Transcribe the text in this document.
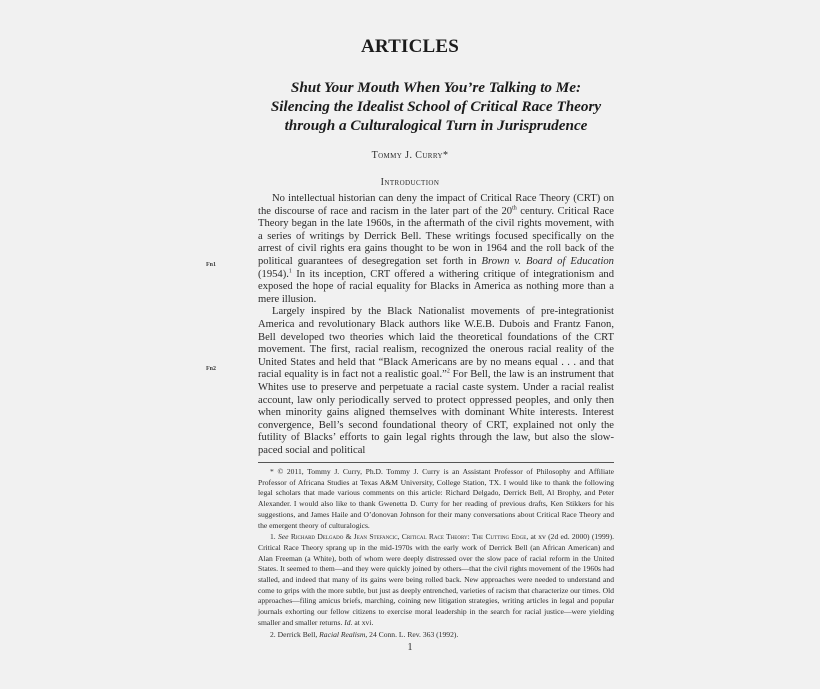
ARTICLES
Shut Your Mouth When You’re Talking to Me:
Silencing the Idealist School of Critical Race Theory
through a Culturalogical Turn in Jurisprudence
Tommy J. Curry*
Introduction
Fn1
Fn2

No intellectual historian can deny the impact of Critical Race Theory (CRT) on the discourse of race and racism in the later part of the 20th century. Critical Race Theory began in the late 1960s, in the aftermath of the civil rights movement, with a series of writings by Derrick Bell. These writings focused specifically on the arrest of civil rights era gains thought to be won in 1964 and the roll back of the political guarantees of desegregation set forth in Brown v. Board of Education (1954).$^1$ In its inception, CRT offered a withering critique of integrationism and exposed the hope of racial equality for Blacks in America as nothing more than a mere illusion.

Largely inspired by the Black Nationalist movements of pre-integrationist America and revolutionary Black authors like W.E.B. Dubois and Frantz Fanon, Bell developed two theories which laid the theoretical foundations of the CRT movement. The first, racial realism, recognized the onerous racial reality of the United States and held that “Black Americans are by no means equal . . . and that racial equality is in fact not a realistic goal.”$^2$ For Bell, the law is an instrument that Whites use to preserve and perpetuate a racial caste system. Under a racial realist account, law only periodically served to protect oppressed peoples, and only then when minority gains aligned themselves with dominant White interests. Interest convergence, Bell’s second foundational theory of CRT, explained not only the futility of Blacks’ efforts to gain legal rights through the law, but also the slow-paced social and political

* © 2011, Tommy J. Curry, Ph.D. Tommy J. Curry is an Assistant Professor of Philosophy and Affiliate Professor of Africana Studies at Texas A&M University, College Station, TX. I would like to thank the following legal scholars that made various comments on this article: Richard Delgado, Derrick Bell, Al Brophy, and Peter Alexander. I would also like to thank Gwenetta D. Curry for her reading of previous drafts, Ken Stikkers for his suggestions, and James Haile and O’donovan Johnson for their many conversations about Critical Race Theory and the emergent theory of culturalogics.

1. See Richard Delgado & Jean Stefancic, Critical Race Theory: The Cutting Edge, at xv (2d ed. 2000) (1999). Critical Race Theory sprang up in the mid-1970s with the early work of Derrick Bell (an African American) and Alan Freeman (a White), both of whom were deeply distressed over the slow pace of racial reform in the United States. It seemed to them—and they were quickly joined by others—that the civil rights movement of the 1960s had stalled, and indeed that many of its gains were being rolled back. New approaches were needed to understand and come to grips with the more subtle, but just as deeply entrenched, varieties of racism that characterize our times. Old approaches—filing amicus briefs, marching, coining new litigation strategies, writing articles in legal and popular journals exhorting our fellow citizens to exercise moral leadership in the search for racial justice—were yielding smaller and smaller returns. Id. at xvi.

2. Derrick Bell, Racial Realism, 24 Conn. L. Rev. 363 (1992).

1
